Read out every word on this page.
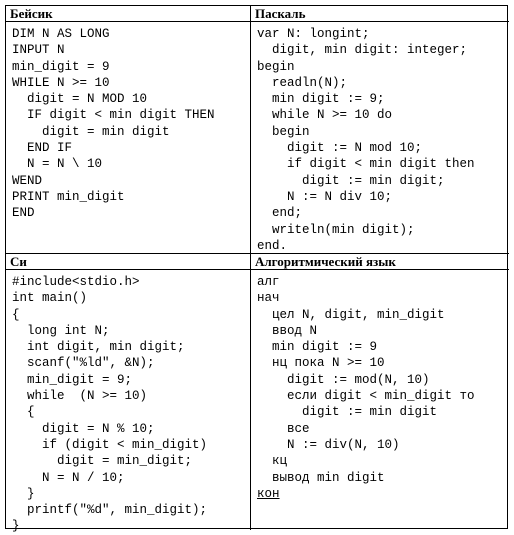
Бейсик
DIM N AS LONG
INPUT N
min_digit = 9
WHILE N >= 10
digit = N MOD 10
IF digit < min digit THEN
digit = min digit
END IF
N = N \ 10
WEND
PRINT min_digit
END
Паскаль
var N: longint;
digit, min digit: integer;
begin
readln(N);
min digit := 9;
while N >= 10 do
begin
digit := N mod 10;
if digit < min digit then
digit := min digit;
N := N div 10;
end;
writeln(min digit);
end.
Си
#include<stdio.h>
int main()
{
long int N;
int digit, min digit;
scanf("%ld", &N);
min_digit = 9;
while  (N >= 10)
{
digit = N % 10;
if (digit < min_digit)
digit = min_digit;
N = N / 10;
}
printf("%d", min_digit);
}
Алгоритмический язык
алг
нач
цел N, digit, min_digit
ввод N
min digit := 9
нц пока N >= 10
digit := mod(N, 10)
если digit < min_digit то
digit := min digit
все
N := div(N, 10)
кц
вывод min digit
кон
